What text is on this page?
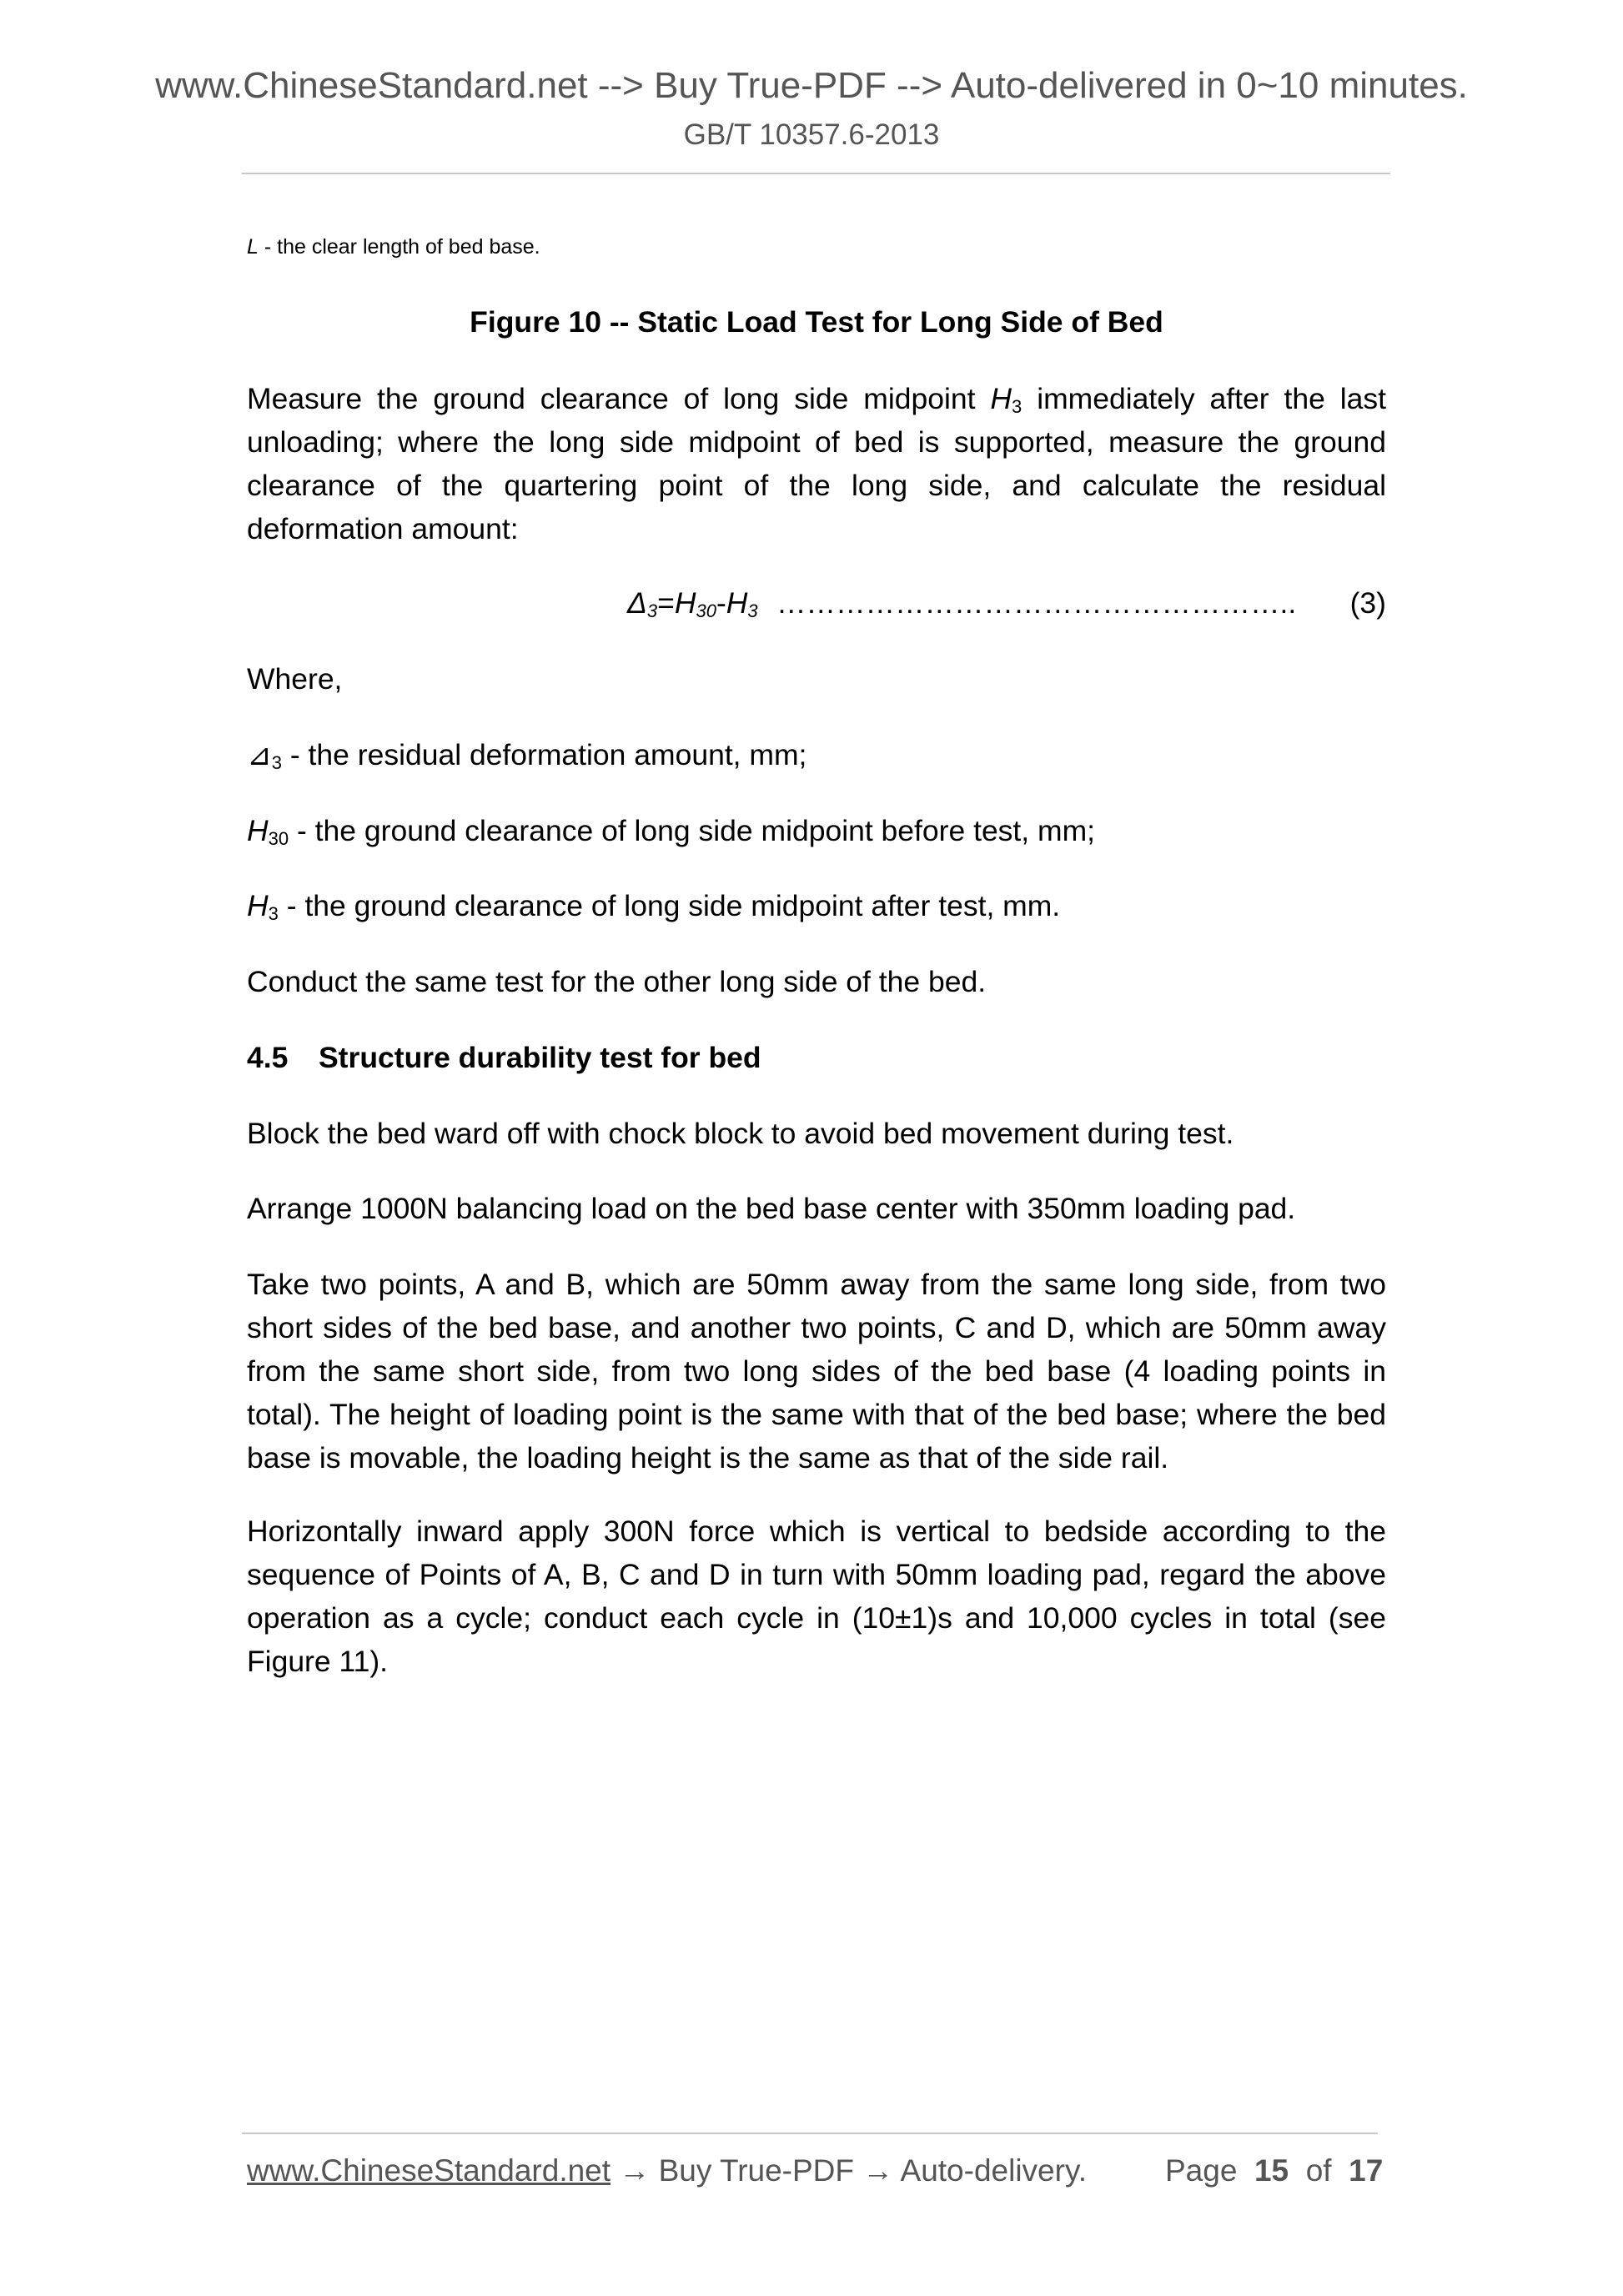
www.ChineseStandard.net --> Buy True-PDF --> Auto-delivered in 0~10 minutes.
GB/T 10357.6-2013
L - the clear length of bed base.
Figure 10 -- Static Load Test for Long Side of Bed
Measure the ground clearance of long side midpoint $H_3$ immediately after the last unloading; where the long side midpoint of bed is supported, measure the ground clearance of the quartering point of the long side, and calculate the residual deformation amount:
$\Delta_3=H_{30}-H_3$ …………………………………………….. (3)
Where,
$⊿_3$ - the residual deformation amount, mm;
$H_{30}$ - the ground clearance of long side midpoint before test, mm;
$H_3$ - the ground clearance of long side midpoint after test, mm.
Conduct the same test for the other long side of the bed.
4.5 Structure durability test for bed
Block the bed ward off with chock block to avoid bed movement during test.
Arrange 1000N balancing load on the bed base center with 350mm loading pad.
Take two points, A and B, which are 50mm away from the same long side, from two short sides of the bed base, and another two points, C and D, which are 50mm away from the same short side, from two long sides of the bed base (4 loading points in total). The height of loading point is the same with that of the bed base; where the bed base is movable, the loading height is the same as that of the side rail.
Horizontally inward apply 300N force which is vertical to bedside according to the sequence of Points of A, B, C and D in turn with 50mm loading pad, regard the above operation as a cycle; conduct each cycle in (10±1)s and 10,000 cycles in total (see Figure 11).
www.ChineseStandard.net → Buy True-PDF → Auto-delivery.	Page 15 of 17
